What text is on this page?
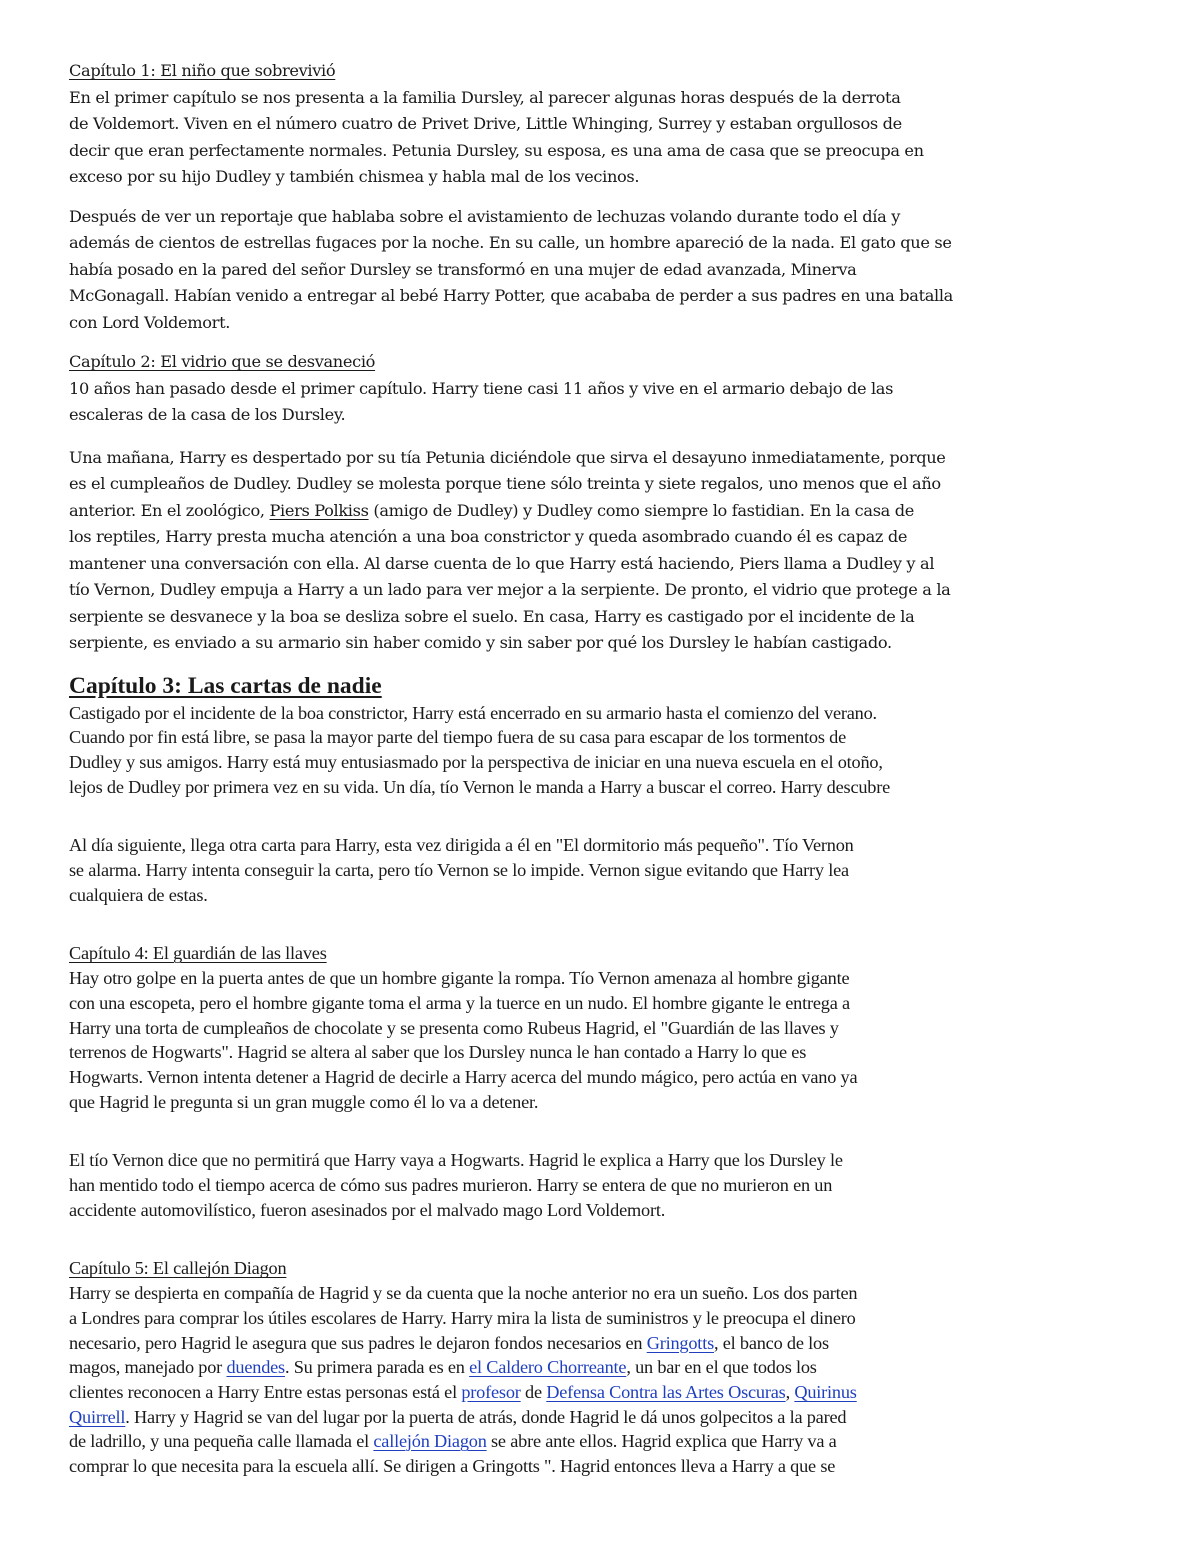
Capítulo 1: El niño que sobrevivió

En el primer capítulo se nos presenta a la familia Dursley, al parecer algunas horas después de la derrota
de Voldemort. Viven en el número cuatro de Privet Drive, Little Whinging, Surrey y estaban orgullosos de
decir que eran perfectamente normales. Petunia Dursley, su esposa, es una ama de casa que se preocupa en
exceso por su hijo Dudley y también chismea y habla mal de los vecinos.

Después de ver un reportaje que hablaba sobre el avistamiento de lechuzas volando durante todo el día y
además de cientos de estrellas fugaces por la noche. En su calle, un hombre apareció de la nada. El gato que se
había posado en la pared del señor Dursley se transformó en una mujer de edad avanzada, Minerva
McGonagall. Habían venido a entregar al bebé Harry Potter, que acababa de perder a sus padres en una batalla
con Lord Voldemort.

Capítulo 2: El vidrio que se desvaneció

10 años han pasado desde el primer capítulo. Harry tiene casi 11 años y vive en el armario debajo de las
escaleras de la casa de los Dursley.

Una mañana, Harry es despertado por su tía Petunia diciéndole que sirva el desayuno inmediatamente, porque
es el cumpleaños de Dudley. Dudley se molesta porque tiene sólo treinta y siete regalos, uno menos que el año
anterior. En el zoológico, Piers Polkiss (amigo de Dudley) y Dudley como siempre lo fastidian. En la casa de
los reptiles, Harry presta mucha atención a una boa constrictor y queda asombrado cuando él es capaz de
mantener una conversación con ella. Al darse cuenta de lo que Harry está haciendo, Piers llama a Dudley y al
tío Vernon, Dudley empuja a Harry a un lado para ver mejor a la serpiente. De pronto, el vidrio que protege a la
serpiente se desvanece y la boa se desliza sobre el suelo. En casa, Harry es castigado por el incidente de la
serpiente, es enviado a su armario sin haber comido y sin saber por qué los Dursley le habían castigado.

Capítulo 3: Las cartas de nadie

Castigado por el incidente de la boa constrictor, Harry está encerrado en su armario hasta el comienzo del verano.
Cuando por fin está libre, se pasa la mayor parte del tiempo fuera de su casa para escapar de los tormentos de
Dudley y sus amigos. Harry está muy entusiasmado por la perspectiva de iniciar en una nueva escuela en el otoño,
lejos de Dudley por primera vez en su vida. Un día, tío Vernon le manda a Harry a buscar el correo. Harry descubre

Al día siguiente, llega otra carta para Harry, esta vez dirigida a él en "El dormitorio más pequeño". Tío Vernon
se alarma. Harry intenta conseguir la carta, pero tío Vernon se lo impide. Vernon sigue evitando que Harry lea
cualquiera de estas.

Capítulo 4: El guardián de las llaves

Hay otro golpe en la puerta antes de que un hombre gigante la rompa. Tío Vernon amenaza al hombre gigante
con una escopeta, pero el hombre gigante toma el arma y la tuerce en un nudo. El hombre gigante le entrega a
Harry una torta de cumpleaños de chocolate y se presenta como Rubeus Hagrid, el "Guardián de las llaves y
terrenos de Hogwarts". Hagrid se altera al saber que los Dursley nunca le han contado a Harry lo que es
Hogwarts. Vernon intenta detener a Hagrid de decirle a Harry acerca del mundo mágico, pero actúa en vano ya
que Hagrid le pregunta si un gran muggle como él lo va a detener.

El tío Vernon dice que no permitirá que Harry vaya a Hogwarts. Hagrid le explica a Harry que los Dursley le
han mentido todo el tiempo acerca de cómo sus padres murieron. Harry se entera de que no murieron en un
accidente automovilístico, fueron asesinados por el malvado mago Lord Voldemort.

Capítulo 5: El callejón Diagon

Harry se despierta en compañía de Hagrid y se da cuenta que la noche anterior no era un sueño. Los dos parten
a Londres para comprar los útiles escolares de Harry. Harry mira la lista de suministros y le preocupa el dinero
necesario, pero Hagrid le asegura que sus padres le dejaron fondos necesarios en Gringotts, el banco de los
magos, manejado por duendes. Su primera parada es en el Caldero Chorreante, un bar en el que todos los
clientes reconocen a Harry Entre estas personas está el profesor de Defensa Contra las Artes Oscuras, Quirinus
Quirrell. Harry y Hagrid se van del lugar por la puerta de atrás, donde Hagrid le dá unos golpecitos a la pared
de ladrillo, y una pequeña calle llamada el callejón Diagon se abre ante ellos. Hagrid explica que Harry va a
comprar lo que necesita para la escuela allí. Se dirigen a Gringotts ". Hagrid entonces lleva a Harry a que se
